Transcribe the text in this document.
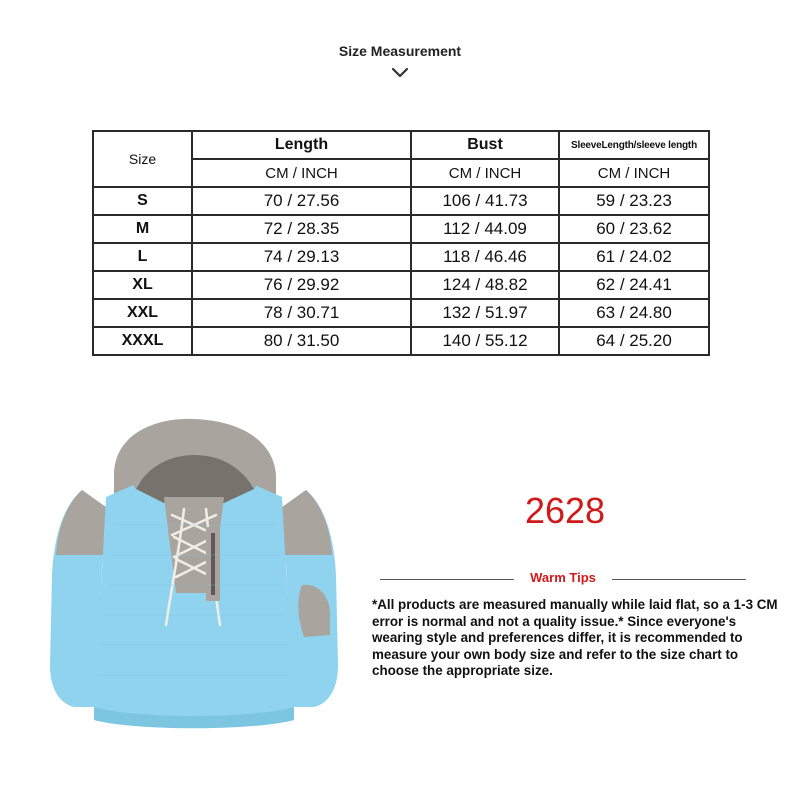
Size Measurement
Size	Length	Bust	SleeveLength/sleeve length
	CM / INCH	CM / INCH	CM / INCH
S	70 / 27.56	106 / 41.73	59 / 23.23
M	72 / 28.35	112 / 44.09	60 / 23.62
L	74 / 29.13	118 / 46.46	61 / 24.02
XL	76 / 29.92	124 / 48.82	62 / 24.41
XXL	78 / 30.71	132 / 51.97	63 / 24.80
XXXL	80 / 31.50	140 / 55.12	64 / 25.20
2628
Warm Tips
*All products are measured manually while laid flat, so a 1-3 CM error is normal and not a quality issue.* Since everyone's wearing style and preferences differ, it is recommended to measure your own body size and refer to the size chart to choose the appropriate size.
